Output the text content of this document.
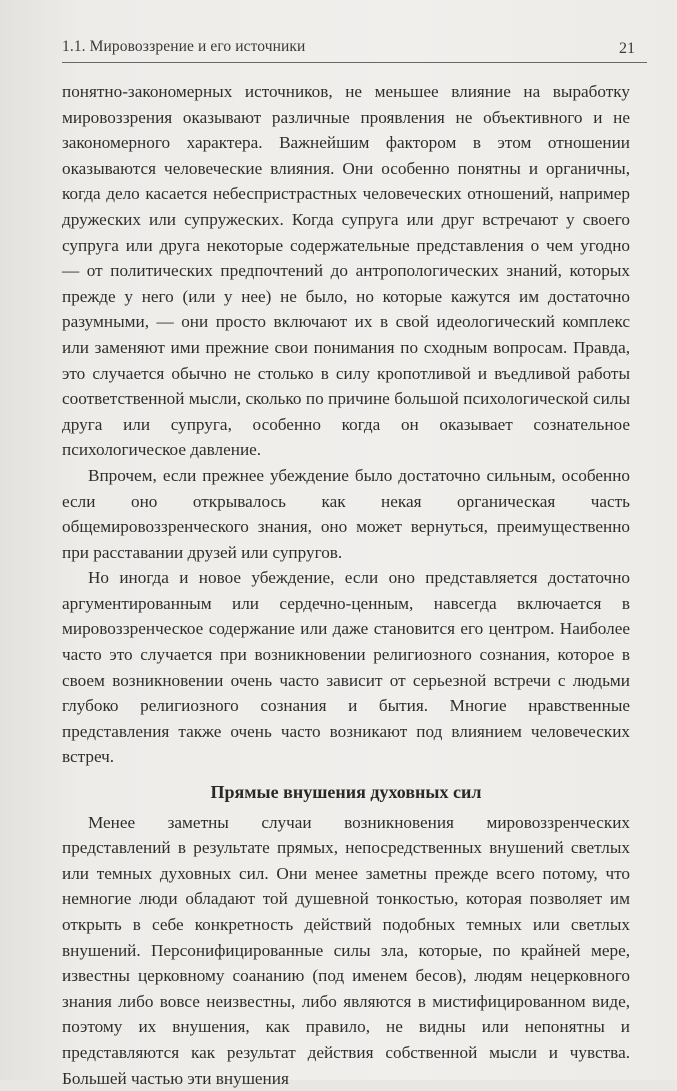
1.1. Мировоззрение и его источники	21

понятно-закономерных источников, не меньшее влияние на выработку мировоззрения оказывают различные проявления не объективного и не закономерного характера. Важнейшим фактором в этом отношении оказываются человеческие влияния. Они особенно понятны и органичны, когда дело касается небеспристрастных человеческих отношений, например дружеских или супружеских. Когда супруга или друг встречают у своего супруга или друга некоторые содержательные представления о чем угодно — от политических предпочтений до антропологических знаний, которых прежде у него (или у нее) не было, но которые кажутся им достаточно разумными, — они просто включают их в свой идеологический комплекс или заменяют ими прежние свои понимания по сходным вопросам. Правда, это случается обычно не столько в силу кропотливой и въедливой работы соответственной мысли, сколько по причине большой психологической силы друга или супруга, особенно когда он оказывает сознательное психологическое давление.

Впрочем, если прежнее убеждение было достаточно сильным, особенно если оно открывалось как некая органическая часть общемировоззренческого знания, оно может вернуться, преимущественно при расставании друзей или супругов.

Но иногда и новое убеждение, если оно представляется достаточно аргументированным или сердечно-ценным, навсегда включается в мировоззренческое содержание или даже становится его центром. Наиболее часто это случается при возникновении религиозного сознания, которое в своем возникновении очень часто зависит от серьезной встречи с людьми глубоко религиозного сознания и бытия. Многие нравственные представления также очень часто возникают под влиянием человеческих встреч.

Прямые внушения духовных сил

Менее заметны случаи возникновения мировоззренческих представлений в результате прямых, непосредственных внушений светлых или темных духовных сил. Они менее заметны прежде всего потому, что немногие люди обладают той душевной тонкостью, которая позволяет им открыть в себе конкретность действий подобных темных или светлых внушений. Персонифицированные силы зла, которые, по крайней мере, известны церковному соананию (под именем бесов), людям нецерковного знания либо вовсе неизвестны, либо являются в мистифицированном виде, поэтому их внушения, как правило, не видны или непонятны и представляются как результат действия собственной мысли и чувства. Большей частью эти внушения
